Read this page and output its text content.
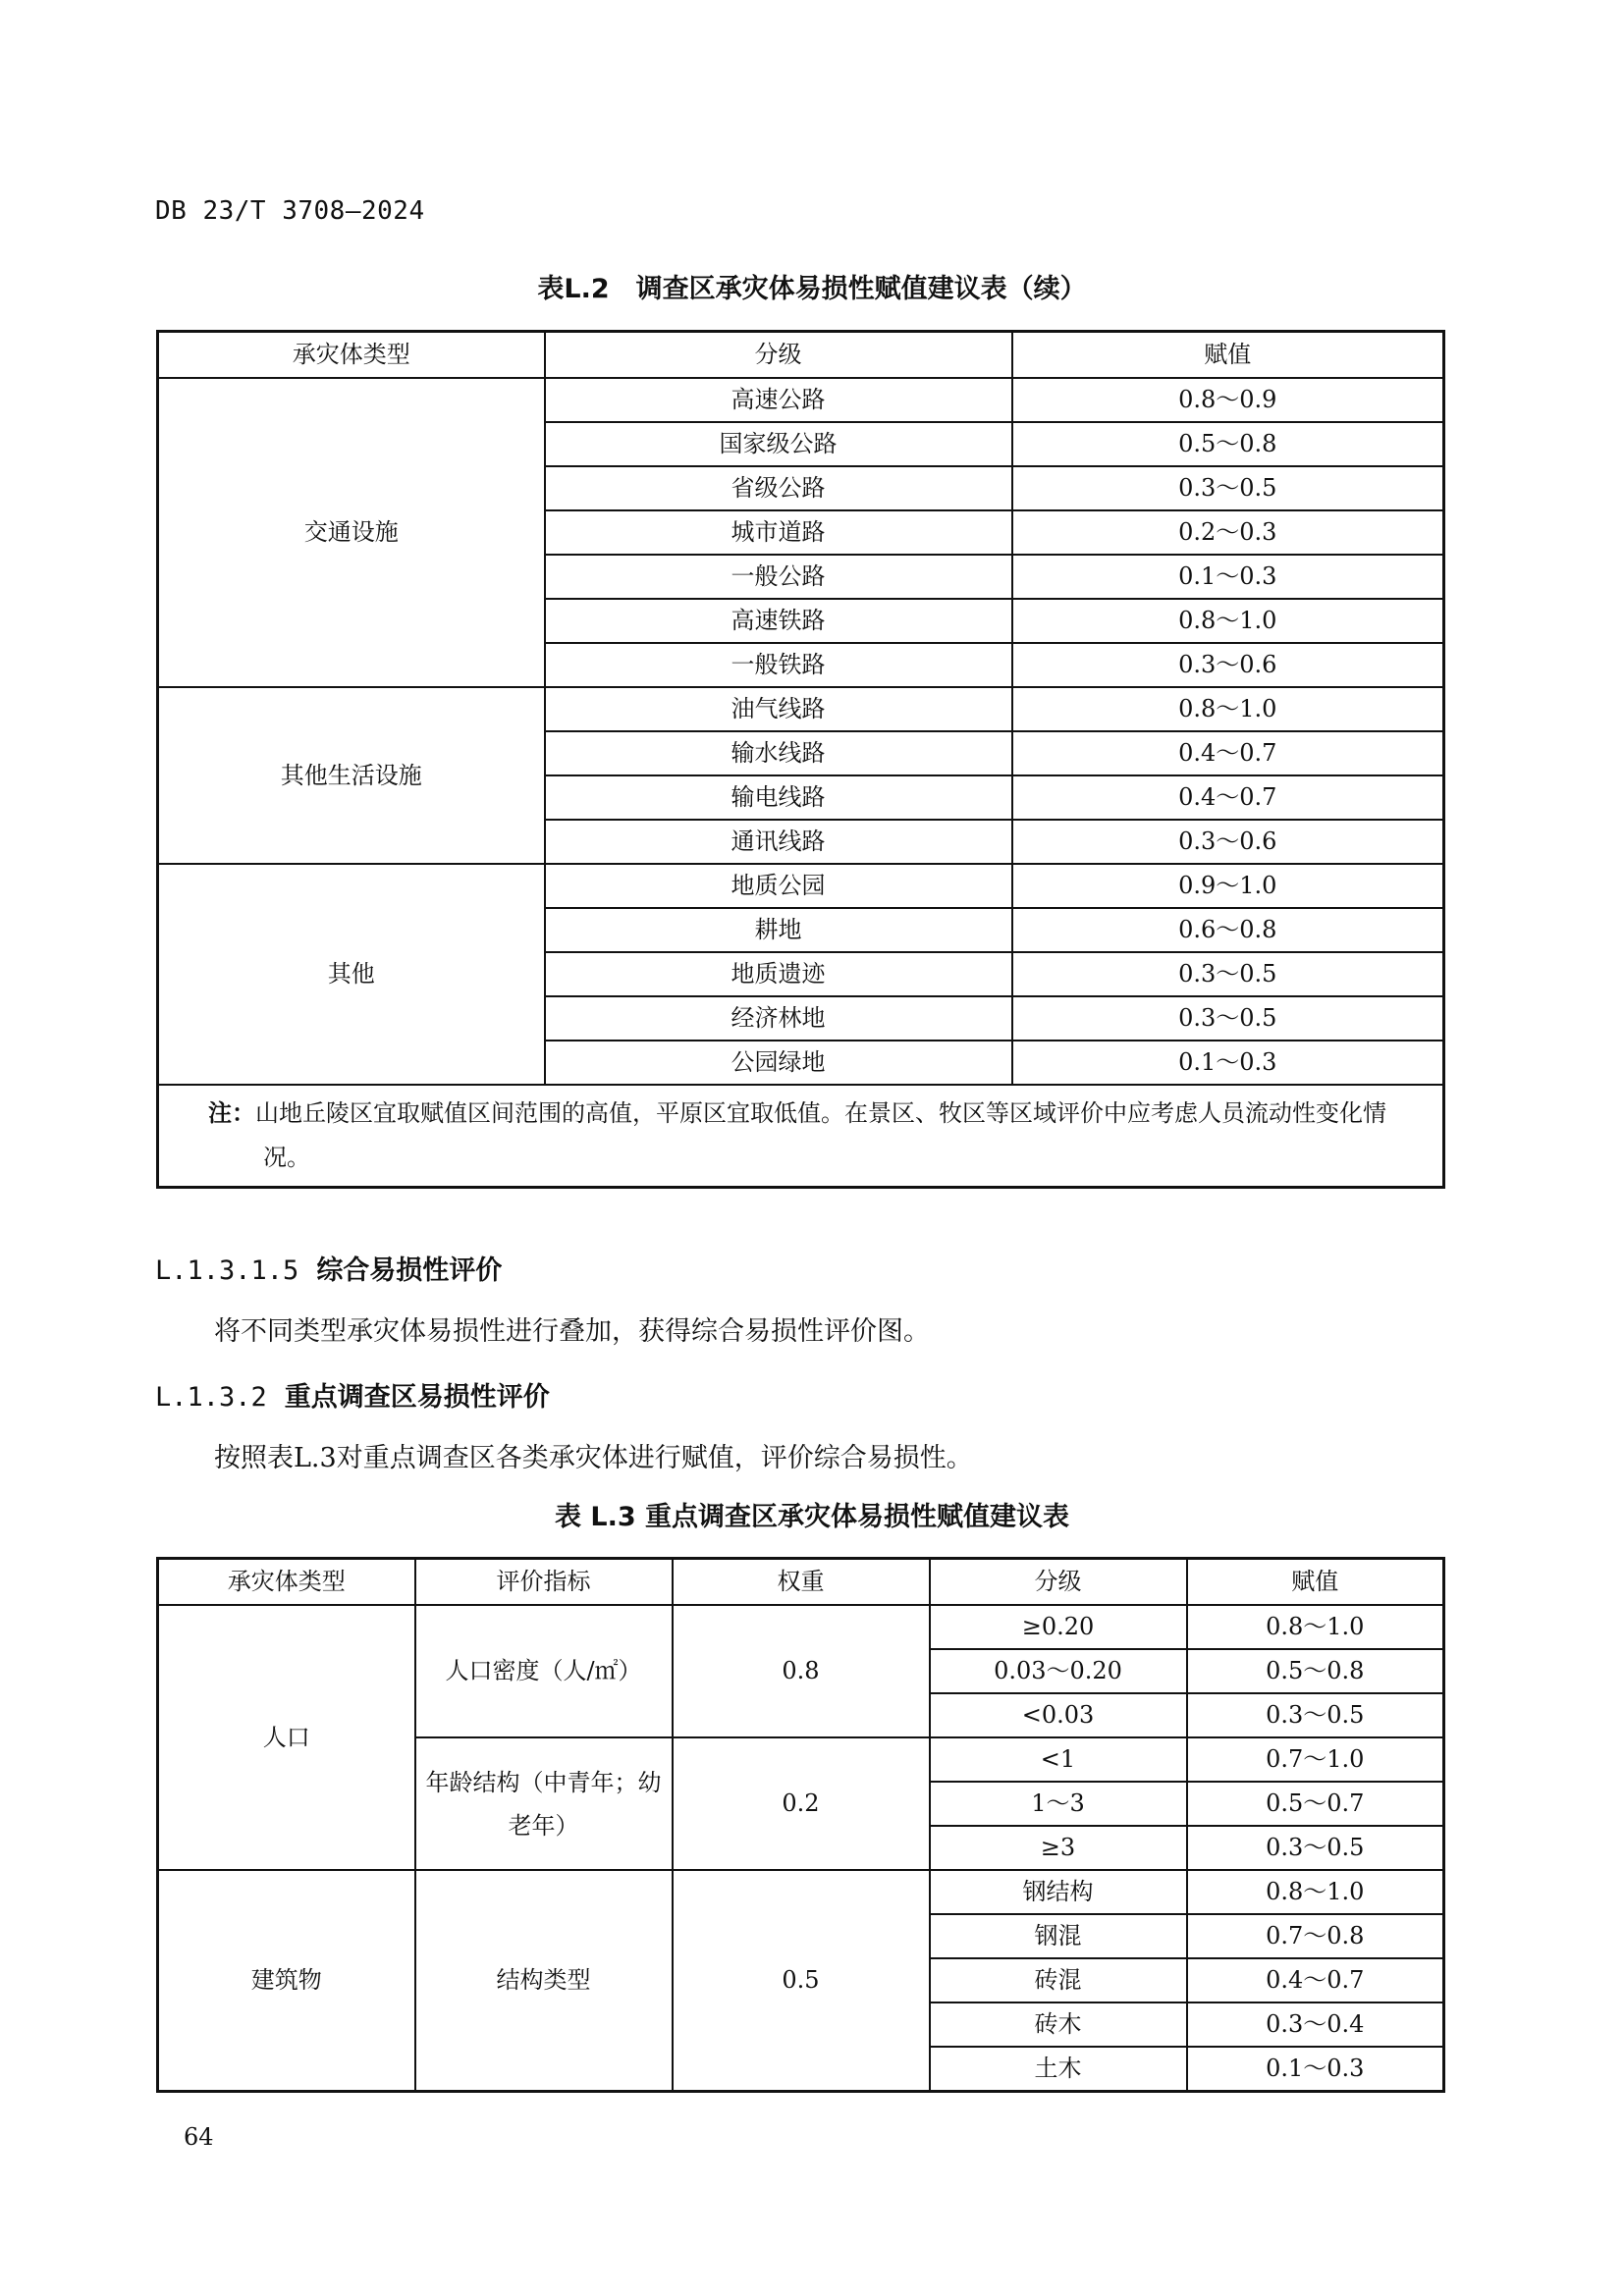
DB 23/T 3708—2024
表L.2　调查区承灾体易损性赋值建议表（续）
承灾体类型	分级	赋值
交通设施	高速公路	0.8～0.9
	国家级公路	0.5～0.8
	省级公路	0.3～0.5
	城市道路	0.2～0.3
	一般公路	0.1～0.3
	高速铁路	0.8～1.0
	一般铁路	0.3～0.6
其他生活设施	油气线路	0.8～1.0
	输水线路	0.4～0.7
	输电线路	0.4～0.7
	通讯线路	0.3～0.6
其他	地质公园	0.9～1.0
	耕地	0.6～0.8
	地质遗迹	0.3～0.5
	经济林地	0.3～0.5
	公园绿地	0.1～0.3
注：山地丘陵区宜取赋值区间范围的高值，平原区宜取低值。在景区、牧区等区域评价中应考虑人员流动性变化情
况。		
L.1.3.1.5 综合易损性评价
将不同类型承灾体易损性进行叠加，获得综合易损性评价图。
L.1.3.2 重点调查区易损性评价
按照表L.3对重点调查区各类承灾体进行赋值，评价综合易损性。
表 L.3 重点调查区承灾体易损性赋值建议表
承灾体类型	评价指标	权重	分级	赋值
人口	人口密度（人/㎡）	0.8	≥0.20	0.8～1.0
			0.03～0.20	0.5～0.8
			<0.03	0.3～0.5
	年龄结构（中青年；幼老年）	0.2	<1	0.7～1.0
			1～3	0.5～0.7
			≥3	0.3～0.5
建筑物	结构类型	0.5	钢结构	0.8～1.0
			钢混	0.7～0.8
			砖混	0.4～0.7
			砖木	0.3～0.4
			土木	0.1～0.3
64
